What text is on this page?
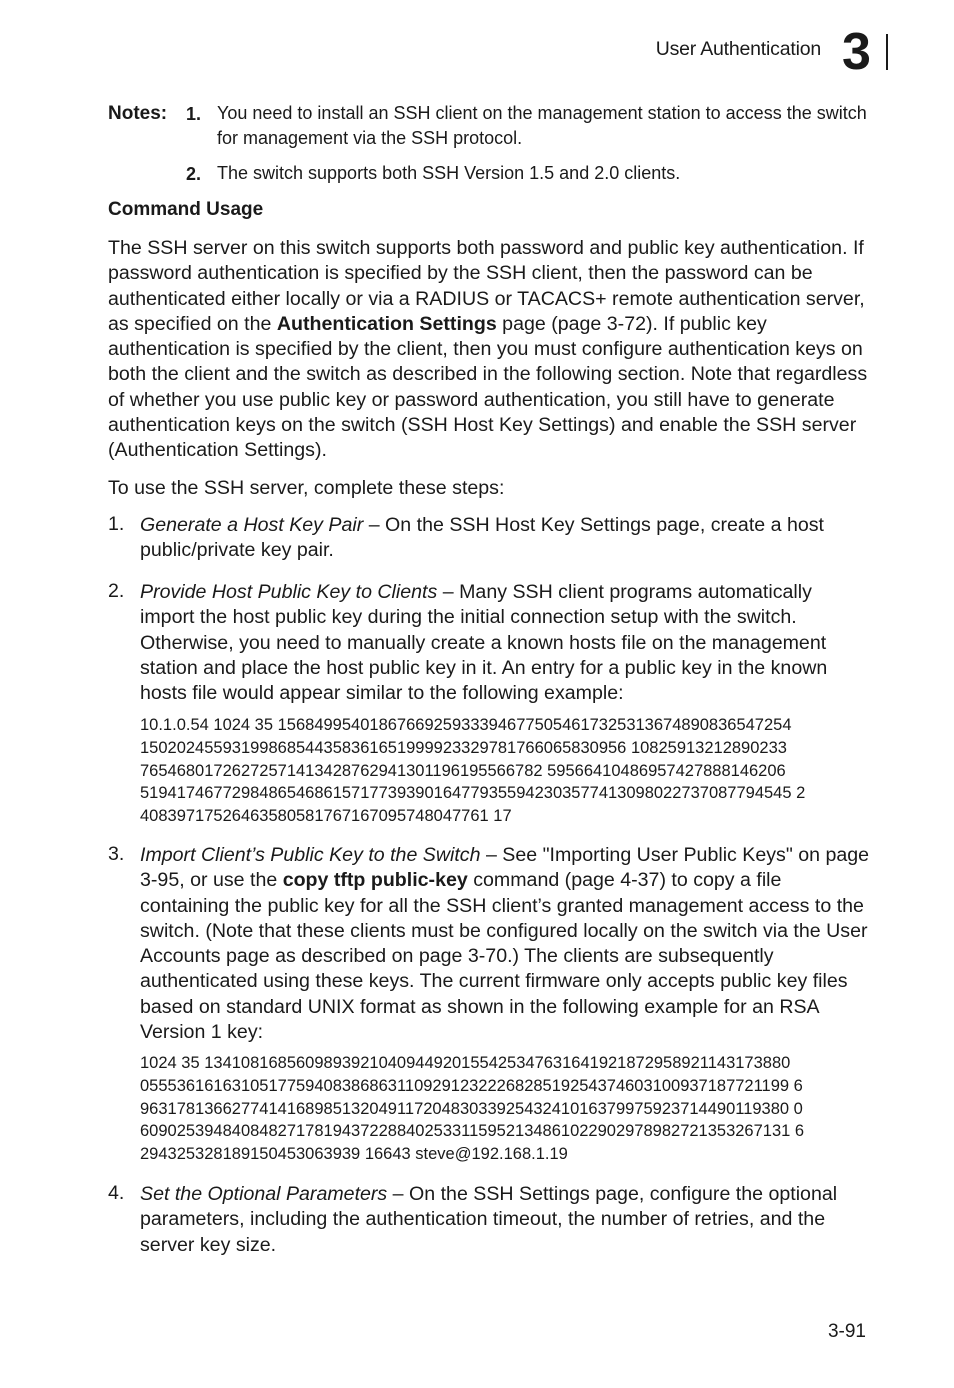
User Authentication 3
Notes: 1. You need to install an SSH client on the management station to access the switch for management via the SSH protocol.
2. The switch supports both SSH Version 1.5 and 2.0 clients.
Command Usage
The SSH server on this switch supports both password and public key authentication. If password authentication is specified by the SSH client, then the password can be authenticated either locally or via a RADIUS or TACACS+ remote authentication server, as specified on the Authentication Settings page (page 3-72). If public key authentication is specified by the client, then you must configure authentication keys on both the client and the switch as described in the following section. Note that regardless of whether you use public key or password authentication, you still have to generate authentication keys on the switch (SSH Host Key Settings) and enable the SSH server (Authentication Settings).
To use the SSH server, complete these steps:
1. Generate a Host Key Pair – On the SSH Host Key Settings page, create a host public/private key pair.
2. Provide Host Public Key to Clients – Many SSH client programs automatically import the host public key during the initial connection setup with the switch. Otherwise, you need to manually create a known hosts file on the management station and place the host public key in it. An entry for a public key in the known hosts file would appear similar to the following example:
10.1.0.54 1024 35 15684995401867669259333946775054617325313674890836547254
15020245593199868544358361651999923329781766065830956 10825913212890233
76546801726272571413428762941301196195566782 59566410486957427888146206
51941746772984865468615717739390164779355942303577413098022737087794545 2
40839717526463580581767167095748047761 17
3. Import Client’s Public Key to the Switch – See "Importing User Public Keys" on page 3-95, or use the copy tftp public-key command (page 4-37) to copy a file containing the public key for all the SSH client’s granted management access to the switch. (Note that these clients must be configured locally on the switch via the User Accounts page as described on page 3-70.) The clients are subsequently authenticated using these keys. The current firmware only accepts public key files based on standard UNIX format as shown in the following example for an RSA Version 1 key:
1024 35 1341081685609893921040944920155425347631641921872958921143173880
05553616163105177594083868631109291232226828519254374603100937187721199 6
96317813662774141689851320491172048303392543241016379975923714490119380 0
60902539484084827178194372288402533115952134861022902978982721353267131 6
294325328189150453063939 16643 steve@192.168.1.19
4. Set the Optional Parameters – On the SSH Settings page, configure the optional parameters, including the authentication timeout, the number of retries, and the server key size.
3-91
